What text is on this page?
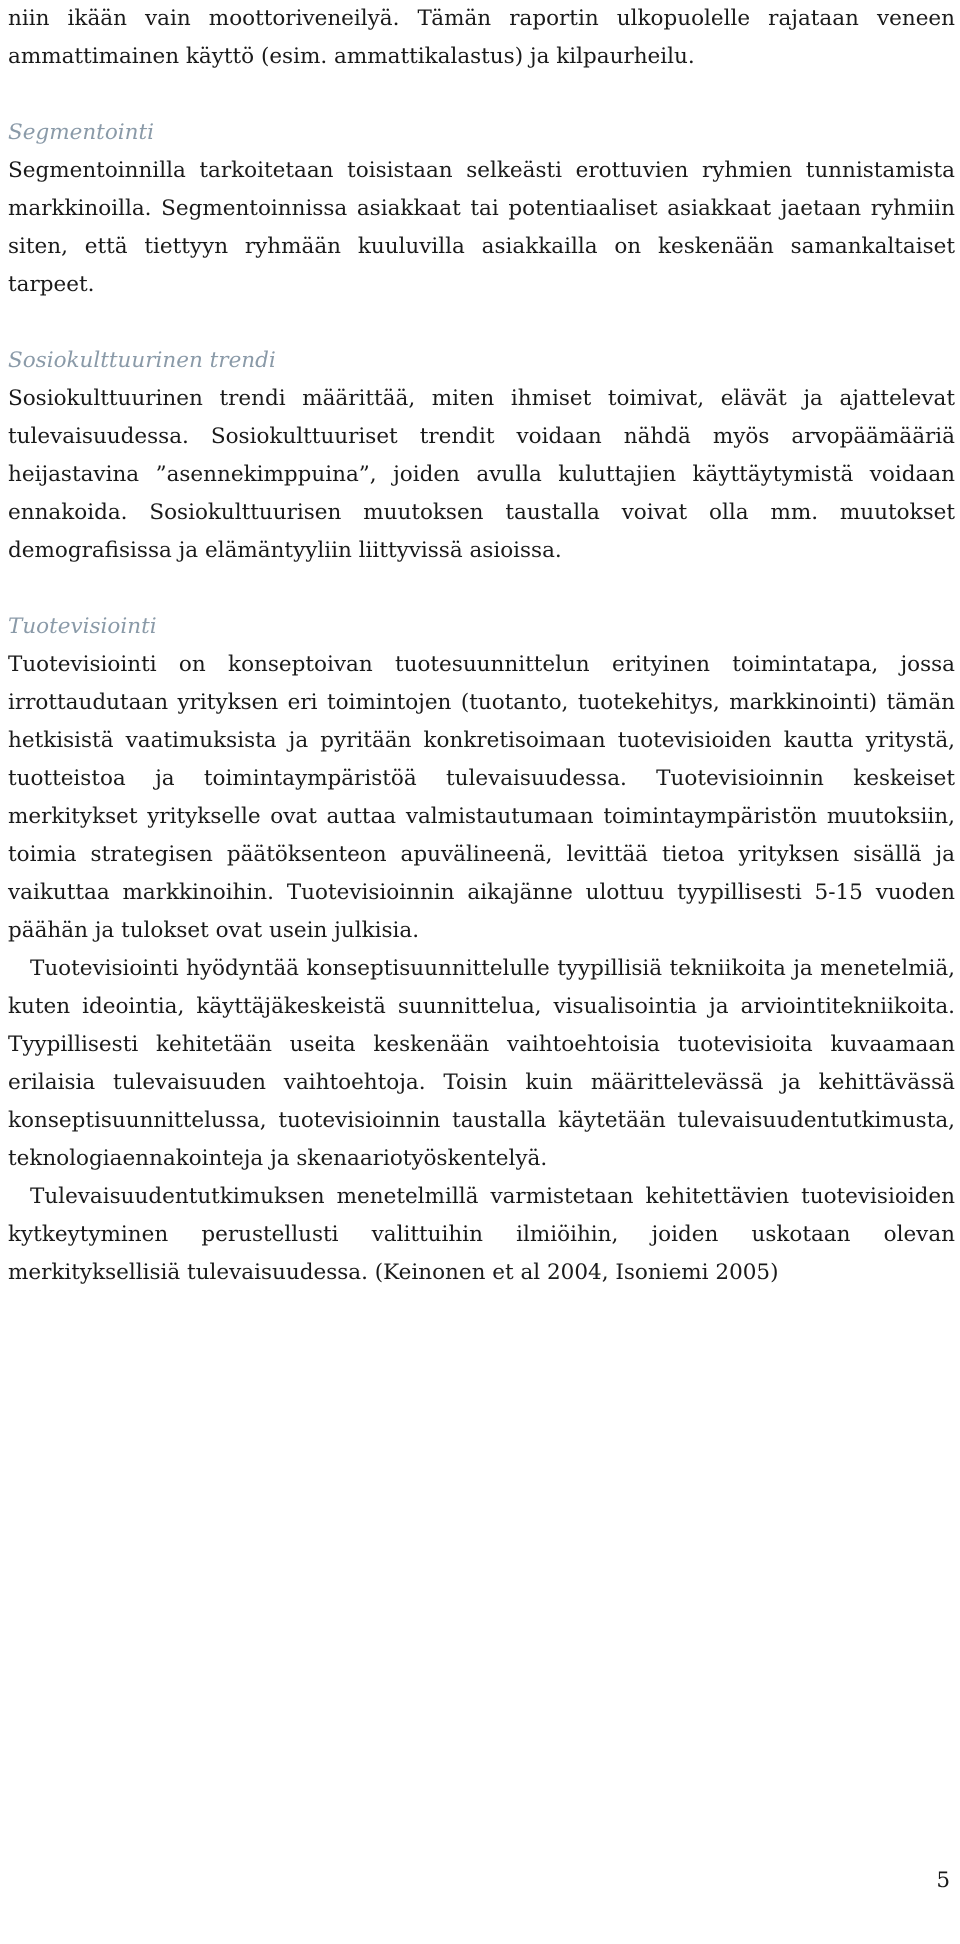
niin ikään vain moottoriveneilyä. Tämän raportin ulkopuolelle rajataan veneen ammattimainen käyttö (esim. ammattikalastus) ja kilpaurheilu.

Segmentointi

Segmentoinnilla tarkoitetaan toisistaan selkeästi erottuvien ryhmien tunnistamista markkinoilla. Segmentoinnissa asiakkaat tai potentiaaliset asiakkaat jaetaan ryhmiin siten, että tiettyyn ryhmään kuuluvilla asiakkailla on keskenään samankaltaiset tarpeet.

Sosiokulttuurinen trendi

Sosiokulttuurinen trendi määrittää, miten ihmiset toimivat, elävät ja ajattelevat tulevaisuudessa. Sosiokulttuuriset trendit voidaan nähdä myös arvopäämääriä heijastavina ”asennekimppuina”, joiden avulla kuluttajien käyttäytymistä voidaan ennakoida. Sosiokulttuurisen muutoksen taustalla voivat olla mm. muutokset demografisissa ja elämäntyyliin liittyvissä asioissa.

Tuotevisiointi

Tuotevisiointi on konseptoivan tuotesuunnittelun erityinen toimintatapa, jossa irrottaudutaan yrityksen eri toimintojen (tuotanto, tuotekehitys, markkinointi) tämän hetkisistä vaatimuksista ja pyritään konkretisoimaan tuotevisioiden kautta yritystä, tuotteistoa ja toimintaympäristöä tulevaisuudessa. Tuotevisioinnin keskeiset merkitykset yritykselle ovat auttaa valmistautumaan toimintaympäristön muutoksiin, toimia strategisen päätöksenteon apuvälineenä, levittää tietoa yrityksen sisällä ja vaikuttaa markkinoihin. Tuotevisioinnin aikajänne ulottuu tyypillisesti 5-15 vuoden päähän ja tulokset ovat usein julkisia.

Tuotevisiointi hyödyntää konseptisuunnittelulle tyypillisiä tekniikoita ja menetelmiä, kuten ideointia, käyttäjäkeskeistä suunnittelua, visualisointia ja arviointitekniikoita. Tyypillisesti kehitetään useita keskenään vaihtoehtoisia tuotevisioita kuvaamaan erilaisia tulevaisuuden vaihtoehtoja. Toisin kuin määrittelevässä ja kehittävässä konseptisuunnittelussa, tuotevisioinnin taustalla käytetään tulevaisuudentutkimusta, teknologiaennakointeja ja skenaariotyöskentelyä.

Tulevaisuudentutkimuksen menetelmillä varmistetaan kehitettävien tuotevisioiden kytkeytyminen perustellusti valittuihin ilmiöihin, joiden uskotaan olevan merkityksellisiä tulevaisuudessa. (Keinonen et al 2004, Isoniemi 2005)

5
